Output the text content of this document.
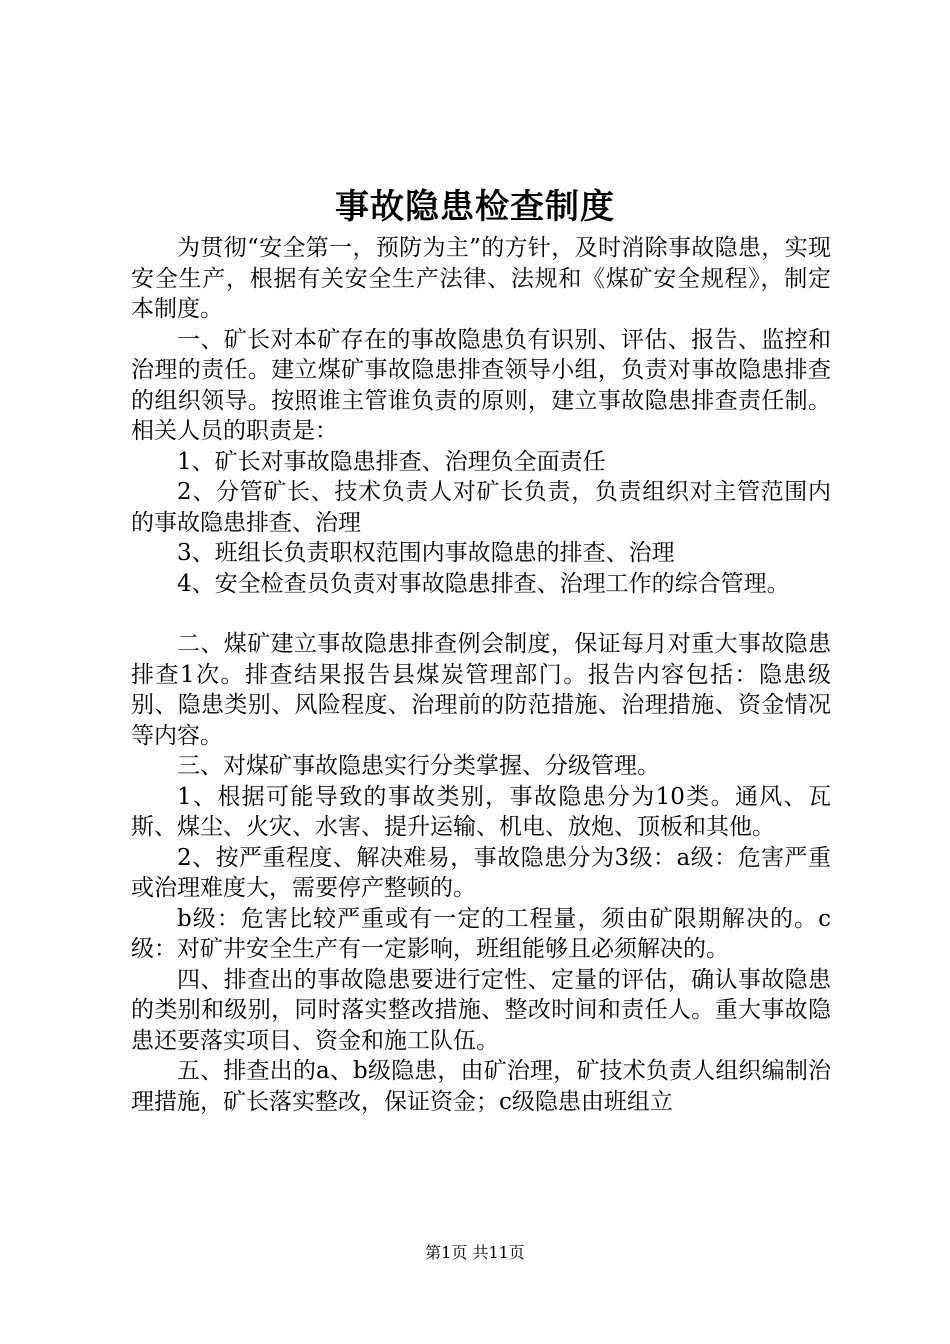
事故隐患检查制度

为贯彻“安全第一，预防为主”的方针，及时消除事故隐患，实现安全生产，根据有关安全生产法律、法规和《煤矿安全规程》，制定本制度。

一、矿长对本矿存在的事故隐患负有识别、评估、报告、监控和治理的责任。建立煤矿事故隐患排查领导小组，负责对事故隐患排查的组织领导。按照谁主管谁负责的原则，建立事故隐患排查责任制。相关人员的职责是：

1、矿长对事故隐患排查、治理负全面责任

2、分管矿长、技术负责人对矿长负责，负责组织对主管范围内的事故隐患排查、治理

3、班组长负责职权范围内事故隐患的排查、治理

4、安全检查员负责对事故隐患排查、治理工作的综合管理。

二、煤矿建立事故隐患排查例会制度，保证每月对重大事故隐患排查1次。排查结果报告县煤炭管理部门。报告内容包括：隐患级别、隐患类别、风险程度、治理前的防范措施、治理措施、资金情况等内容。

三、对煤矿事故隐患实行分类掌握、分级管理。

1、根据可能导致的事故类别，事故隐患分为10类。通风、瓦斯、煤尘、火灾、水害、提升运输、机电、放炮、顶板和其他。

2、按严重程度、解决难易，事故隐患分为3级：a级：危害严重或治理难度大，需要停产整顿的。

b级：危害比较严重或有一定的工程量，须由矿限期解决的。c级：对矿井安全生产有一定影响，班组能够且必须解决的。

四、排查出的事故隐患要进行定性、定量的评估，确认事故隐患的类别和级别，同时落实整改措施、整改时间和责任人。重大事故隐患还要落实项目、资金和施工队伍。

五、排查出的a、b级隐患，由矿治理，矿技术负责人组织编制治理措施，矿长落实整改，保证资金；c级隐患由班组立

第1页 共11页
